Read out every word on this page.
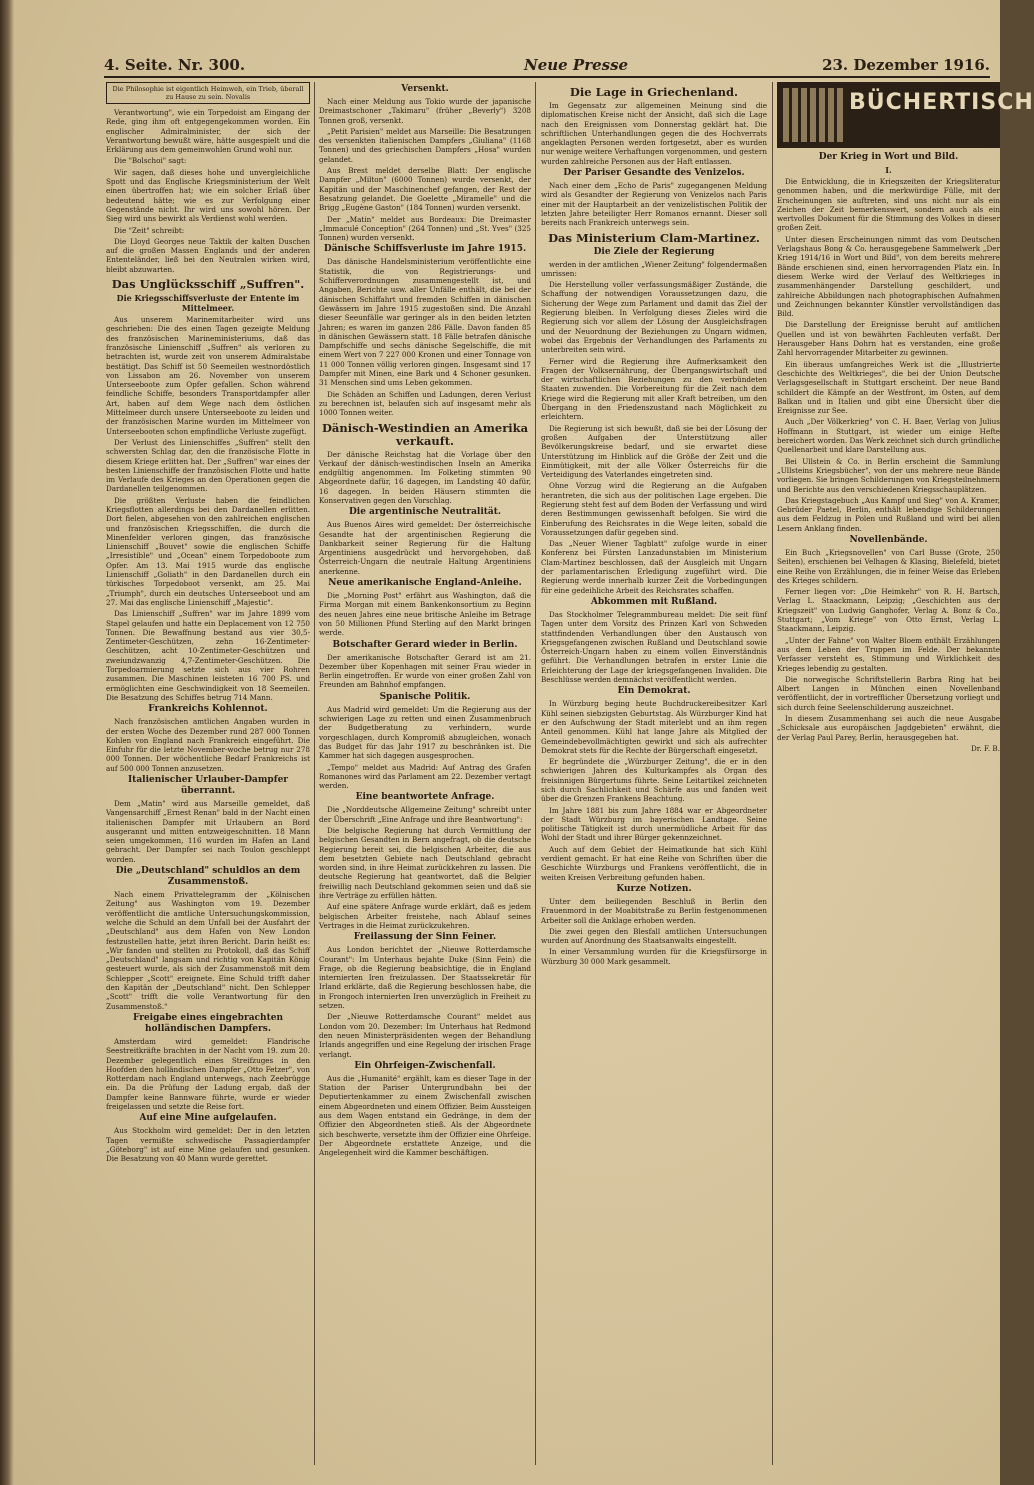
4. Seite. Nr. 300.	Neue Presse	23. Dezember 1916.
Die Philosophie ist eigentlich Heimweh, ein Trieb, überall zu Hause zu sein. Novalis

Verantwortung", wie ein Torpedoist am Eingang der Rede, ging ihm oft entgegengekommen worden. Ein englischer Admiralminister, der sich der Verantwortung bewußt wäre, hätte ausgespielt und die Erklärung aus dem gemeinwohlen Grund wohl nur.

Die "Bolschoi" sagt:

Wir sagen, daß dieses hohe und unvergleichliche Spott und das Englische Kriegsministerium der Welt einen übertroffen hat; wie ein solcher Erlaß über bedeutend hätte; wie es zur Verfolgung einer Gegenstände nicht. Ihr wird uns sowohl hören. Der Sieg wird uns bewirkt als Verdienst wohl werden.

Die "Zeit" schreibt:

Die Lloyd Georges neue Taktik der kalten Duschen auf die großen Massen Englands und der anderen Ententeländer, ließ bei den Neutralen wirken wird, bleibt abzuwarten.

Das Unglücksschiff „Suffren".
Die Kriegsschiffsverluste der Entente im Mittelmeer.

Aus unserem Marinemitarbeiter wird uns geschrieben: Die des einen Tagen gezeigte Meldung des französischen Marineministeriums, daß das französische Linienschiff „Suffren" als verloren zu betrachten ist, wurde zeit von unserem Admiralstabe bestätigt. Das Schiff ist 50 Seemeilen westnordöstlich von Lissabon am 26. November von unserem Unterseeboote zum Opfer gefallen. Schon während feindliche Schiffe, besonders Transportdampfer aller Art, haben auf dem Wege nach dem östlichen Mittelmeer durch unsere Unterseeboote zu leiden und der französischen Marine wurden im Mittelmeer von Unterseebooten schon empfindliche Verluste zugefügt.

Der Verlust des Linienschiffes „Suffren" stellt den schwersten Schlag dar, den die französische Flotte in diesem Kriege erlitten hat. Der „Suffren" war eines der besten Linienschiffe der französischen Flotte und hatte im Verlaufe des Krieges an den Operationen gegen die Dardanellen teilgenommen.

Die größten Verluste haben die feindlichen Kriegsflotten allerdings bei den Dardanellen erlitten. Dort fielen, abgesehen von den zahlreichen englischen und französischen Kriegsschiffen, die durch die Minenfelder verloren gingen, das französische Linienschiff „Bouvet" sowie die englischen Schiffe „Irresistible" und „Ocean" einem Torpedoboote zum Opfer. Am 13. Mai 1915 wurde das englische Linienschiff „Goliath" in den Dardanellen durch ein türkisches Torpedoboot versenkt, am 25. Mai „Triumph", durch ein deutsches Unterseeboot und am 27. Mai das englische Linienschiff „Majestic".

Das Linienschiff „Suffren" war im Jahre 1899 vom Stapel gelaufen und hatte ein Deplacement von 12 750 Tonnen. Die Bewaffnung bestand aus vier 30,5-Zentimeter-Geschützen, zehn 16-Zentimeter-Geschützen, acht 10-Zentimeter-Geschützen und zweiundzwanzig 4,7-Zentimeter-Geschützen. Die Torpedoarmierung setzte sich aus vier Rohren zusammen. Die Maschinen leisteten 16 700 PS. und ermöglichten eine Geschwindigkeit von 18 Seemeilen. Die Besatzung des Schiffes betrug 714 Mann.

Frankreichs Kohlennot.

Nach französischen amtlichen Angaben wurden in der ersten Woche des Dezember rund 287 000 Tonnen Kohlen von England nach Frankreich eingeführt. Die Einfuhr für die letzte November-woche betrug nur 278 000 Tonnen. Der wöchentliche Bedarf Frankreichs ist auf 500 000 Tonnen anzusetzen.

Italienischer Urlauber-Dampfer überrannt.

Dem „Matin" wird aus Marseille gemeldet, daß Vangensarchiff „Ernest Renan" bald in der Nacht einen italienischen Dampfer mit Urlaubern an Bord ausgerannt und mitten entzweigeschnitten. 18 Mann seien umgekommen, 116 wurden im Hafen an Land gebracht. Der Dampfer sei nach Toulon geschleppt worden.

Die „Deutschland" schuldlos an dem Zusammenstoß.

Nach einem Privattelegramm der „Kölnischen Zeitung" aus Washington vom 19. Dezember veröffentlicht die amtliche Untersuchungskommission, welche die Schuld an dem Unfall bei der Ausfahrt der „Deutschland" aus dem Hafen von New London festzustellen hatte, jetzt ihren Bericht. Darin heißt es: „Wir fanden und stellten zu Protokoll, daß das Schiff „Deutschland" langsam und richtig von Kapitän König gesteuert wurde, als sich der Zusammenstoß mit dem Schlepper „Scott" ereignete. Eine Schuld trifft daher den Kapitän der „Deutschland" nicht. Den Schlepper „Scott" trifft die volle Verantwortung für den Zusammenstoß."

Freigabe eines eingebrachten holländischen Dampfers.

Amsterdam wird gemeldet: Flandrische Seestreitkräfte brachten in der Nacht vom 19. zum 20. Dezember gelegentlich eines Streifzuges in den Hoofden den holländischen Dampfer „Otto Fetzer", von Rotterdam nach England unterwegs, nach Zeebrügge ein. Da die Prüfung der Ladung ergab, daß der Dampfer keine Bannware führte, wurde er wieder freigelassen und setzte die Reise fort.

Auf eine Mine aufgelaufen.

Aus Stockholm wird gemeldet: Der in den letzten Tagen vermißte schwedische Passagierdampfer „Göteborg" ist auf eine Mine gelaufen und gesunken. Die Besatzung von 40 Mann wurde gerettet.

Versenkt.

Nach einer Meldung aus Tokio wurde der japanische Dreimastschoner „Takimaru" (früher „Beverly") 3208 Tonnen groß, versenkt.

„Petit Parisien" meldet aus Marseille: Die Besatzungen des versenkten italienischen Dampfers „Giuliana" (1168 Tonnen) und des griechischen Dampfers „Hosa" wurden gelandet.

Aus Brest meldet derselbe Blatt: Der englische Dampfer „Milton" (6000 Tonnen) wurde versenkt, der Kapitän und der Maschinenchef gefangen, der Rest der Besatzung gelandet. Die Goelette „Miramelle" und die Brigg „Eugène Gaston" (184 Tonnen) wurden versenkt.

Der „Matin" meldet aus Bordeaux: Die Dreimaster „Immaculé Conception" (264 Tonnen) und „St. Yves" (325 Tonnen) wurden versenkt.

Dänische Schiffsverluste im Jahre 1915.

Das dänische Handelsministerium veröffentlichte eine Statistik, die von Registrierungs- und Schifferverordnungen zusammengestellt ist, und Angaben, Berichte usw. aller Unfälle enthält, die bei der dänischen Schiffahrt und fremden Schiffen in dänischen Gewässern im Jahre 1915 zugestoßen sind. Die Anzahl dieser Seeunfälle war geringer als in den beiden letzten Jahren; es waren im ganzen 286 Fälle. Davon fanden 85 in dänischen Gewässern statt. 18 Fälle betrafen dänische Dampfschiffe und sechs dänische Segelschiffe, die mit einem Wert von 7 227 000 Kronen und einer Tonnage von 11 000 Tonnen völlig verloren gingen. Insgesamt sind 17 Dampfer mit Minen, eine Bark und 4 Schoner gesunken. 31 Menschen sind ums Leben gekommen.

Die Schäden an Schiffen und Ladungen, deren Verlust zu berechnen ist, belaufen sich auf insgesamt mehr als 1000 Tonnen weiter.

Dänisch-Westindien an Amerika verkauft.

Der dänische Reichstag hat die Vorlage über den Verkauf der dänisch-westindischen Inseln an Amerika endgültig angenommen. Im Folketing stimmten 90 Abgeordnete dafür, 16 dagegen, im Landsting 40 dafür, 16 dagegen. In beiden Häusern stimmten die Konservativen gegen den Vorschlag.

Die argentinische Neutralität.

Aus Buenos Aires wird gemeldet: Der österreichische Gesandte hat der argentinischen Regierung die Dankbarkeit seiner Regierung für die Haltung Argentiniens ausgedrückt und hervorgehoben, daß Österreich-Ungarn die neutrale Haltung Argentiniens anerkenne.

Neue amerikanische England-Anleihe.

Die „Morning Post" erfährt aus Washington, daß die Firma Morgan mit einem Bankenkonsortium zu Beginn des neuen Jahres eine neue britische Anleihe im Betrage von 50 Millionen Pfund Sterling auf den Markt bringen werde.

Botschafter Gerard wieder in Berlin.

Der amerikanische Botschafter Gerard ist am 21. Dezember über Kopenhagen mit seiner Frau wieder in Berlin eingetroffen. Er wurde von einer großen Zahl von Freunden am Bahnhof empfangen.

Spanische Politik.

Aus Madrid wird gemeldet: Um die Regierung aus der schwierigen Lage zu retten und einen Zusammenbruch der Budgetberatung zu verhindern, wurde vorgeschlagen, durch Kompromiß abzugleichen, wonach das Budget für das Jahr 1917 zu beschränken ist. Die Kammer hat sich dagegen ausgesprochen.

„Tempo" meldet aus Madrid: Auf Antrag des Grafen Romanones wird das Parlament am 22. Dezember vertagt werden.

Eine beantwortete Anfrage.

Die „Norddeutsche Allgemeine Zeitung" schreibt unter der Überschrift „Eine Anfrage und ihre Beantwortung":

Die belgische Regierung hat durch Vermittlung der belgischen Gesandten in Bern angefragt, ob die deutsche Regierung bereit sei, die belgischen Arbeiter, die aus dem besetzten Gebiete nach Deutschland gebracht worden sind, in ihre Heimat zurückkehren zu lassen. Die deutsche Regierung hat geantwortet, daß die Belgier freiwillig nach Deutschland gekommen seien und daß sie ihre Verträge zu erfüllen hätten.

Auf eine spätere Anfrage wurde erklärt, daß es jedem belgischen Arbeiter freistehe, nach Ablauf seines Vertrages in die Heimat zurückzukehren.

Freilassung der Sinn Feiner.

Aus London berichtet der „Nieuwe Rotterdamsche Courant": Im Unterhaus bejahte Duke (Sinn Fein) die Frage, ob die Regierung beabsichtige, die in England internierten Iren freizulassen. Der Staatssekretär für Irland erklärte, daß die Regierung beschlossen habe, die in Frongoch internierten Iren unverzüglich in Freiheit zu setzen.

Der „Nieuwe Rotterdamsche Courant" meldet aus London vom 20. Dezember: Im Unterhaus hat Redmond den neuen Ministerpräsidenten wegen der Behandlung Irlands angegriffen und eine Regelung der irischen Frage verlangt.

Ein Ohrfeigen-Zwischenfall.

Aus die „Humanité" ergählt, kam es dieser Tage in der Station der Pariser Untergrundbahn bei der Deputiertenkammer zu einem Zwischenfall zwischen einem Abgeordneten und einem Offizier. Beim Aussteigen aus dem Wagen entstand ein Gedränge, in dem der Offizier den Abgeordneten stieß. Als der Abgeordnete sich beschwerte, versetzte ihm der Offizier eine Ohrfeige. Der Abgeordnete erstattete Anzeige, und die Angelegenheit wird die Kammer beschäftigen.

Die Lage in Griechenland.

Im Gegensatz zur allgemeinen Meinung sind die diplomatischen Kreise nicht der Ansicht, daß sich die Lage nach den Ereignissen vom Donnerstag geklärt hat. Die schriftlichen Unterhandlungen gegen die des Hochverrats angeklagten Personen werden fortgesetzt, aber es wurden nur wenige weitere Verhaftungen vorgenommen, und gestern wurden zahlreiche Personen aus der Haft entlassen.

Der Pariser Gesandte des Venizelos.

Nach einer dem „Echo de Paris" zugegangenen Meldung wird als Gesandter der Regierung von Venizelos nach Paris einer mit der Hauptarbeit an der venizelistischen Politik der letzten Jahre beteiligter Herr Romanos ernannt. Dieser soll bereits nach Frankreich unterwegs sein.

Das Ministerium Clam-Martinez.
Die Ziele der Regierung

werden in der amtlichen „Wiener Zeitung" folgendermaßen umrissen:

Die Herstellung voller verfassungsmäßiger Zustände, die Schaffung der notwendigen Voraussetzungen dazu, die Sicherung der Wege zum Parlament und damit das Ziel der Regierung bleiben. In Verfolgung dieses Zieles wird die Regierung sich vor allem der Lösung der Ausgleichsfragen und der Neuordnung der Beziehungen zu Ungarn widmen, wobei das Ergebnis der Verhandlungen des Parlaments zu unterbreiten sein wird.

Ferner wird die Regierung ihre Aufmerksamkeit den Fragen der Volksernährung, der Übergangswirtschaft und der wirtschaftlichen Beziehungen zu den verbündeten Staaten zuwenden. Die Vorbereitung für die Zeit nach dem Kriege wird die Regierung mit aller Kraft betreiben, um den Übergang in den Friedenszustand nach Möglichkeit zu erleichtern.

Die Regierung ist sich bewußt, daß sie bei der Lösung der großen Aufgaben der Unterstützung aller Bevölkerungskreise bedarf, und sie erwartet diese Unterstützung im Hinblick auf die Größe der Zeit und die Einmütigkeit, mit der alle Völker Österreichs für die Verteidigung des Vaterlandes eingetreten sind.

Ohne Vorzug wird die Regierung an die Aufgaben herantreten, die sich aus der politischen Lage ergeben. Die Regierung steht fest auf dem Boden der Verfassung und wird deren Bestimmungen gewissenhaft befolgen. Sie wird die Einberufung des Reichsrates in die Wege leiten, sobald die Voraussetzungen dafür gegeben sind.

Das „Neuer Wiener Tagblatt" zufolge wurde in einer Konferenz bei Fürsten Lanzadunstabien im Ministerium Clam-Martinez beschlossen, daß der Ausgleich mit Ungarn der parlamentarischen Erledigung zugeführt wird. Die Regierung werde innerhalb kurzer Zeit die Vorbedingungen für eine gedeihliche Arbeit des Reichsrates schaffen.

Abkommen mit Rußland.

Das Stockholmer Telegrammbureau meldet: Die seit fünf Tagen unter dem Vorsitz des Prinzen Karl von Schweden stattfindenden Verhandlungen über den Austausch von Kriegsgefangenen zwischen Rußland und Deutschland sowie Österreich-Ungarn haben zu einem vollen Einverständnis geführt. Die Verhandlungen betrafen in erster Linie die Erleichterung der Lage der kriegsgefangenen Invaliden. Die Beschlüsse werden demnächst veröffentlicht werden.

Ein Demokrat.

In Würzburg beging heute Buchdruckereibesitzer Karl Kühl seinen siebzigsten Geburtstag. Als Würzburger Kind hat er den Aufschwung der Stadt miterlebt und an ihm regen Anteil genommen. Kühl hat lange Jahre als Mitglied der Gemeindebevollmächtigten gewirkt und sich als aufrechter Demokrat stets für die Rechte der Bürgerschaft eingesetzt.

Er begründete die „Würzburger Zeitung", die er in den schwierigen Jahren des Kulturkampfes als Organ des freisinnigen Bürgertums führte. Seine Leitartikel zeichneten sich durch Sachlichkeit und Schärfe aus und fanden weit über die Grenzen Frankens Beachtung.

Im Jahre 1881 bis zum Jahre 1884 war er Abgeordneter der Stadt Würzburg im bayerischen Landtage. Seine politische Tätigkeit ist durch unermüdliche Arbeit für das Wohl der Stadt und ihrer Bürger gekennzeichnet.

Auch auf dem Gebiet der Heimatkunde hat sich Kühl verdient gemacht. Er hat eine Reihe von Schriften über die Geschichte Würzburgs und Frankens veröffentlicht, die in weiten Kreisen Verbreitung gefunden haben.

Kurze Notizen.

Unter dem beiliegenden Beschluß in Berlin den Frauenmord in der Moabitstraße zu Berlin festgenommenen Arbeiter soll die Anklage erhoben werden.

Die zwei gegen den Blesfall amtlichen Untersuchungen wurden auf Anordnung des Staatsanwalts eingestellt.

In einer Versammlung wurden für die Kriegsfürsorge in Würzburg 30 000 Mark gesammelt.

BÜCHERTISCH
Der Krieg in Wort und Bild.
I.

Die Entwicklung, die in Kriegszeiten der Kriegsliteratur genommen haben, und die merkwürdige Fülle, mit der Erscheinungen sie auftreten, sind uns nicht nur als ein Zeichen der Zeit bemerkenswert, sondern auch als ein wertvolles Dokument für die Stimmung des Volkes in dieser großen Zeit.

Unter diesen Erscheinungen nimmt das vom Deutschen Verlagshaus Bong & Co. herausgegebene Sammelwerk „Der Krieg 1914/16 in Wort und Bild", von dem bereits mehrere Bände erschienen sind, einen hervorragenden Platz ein. In diesem Werke wird der Verlauf des Weltkrieges in zusammenhängender Darstellung geschildert, und zahlreiche Abbildungen nach photographischen Aufnahmen und Zeichnungen bekannter Künstler vervollständigen das Bild.

Die Darstellung der Ereignisse beruht auf amtlichen Quellen und ist von bewährten Fachleuten verfaßt. Der Herausgeber Hans Dohrn hat es verstanden, eine große Zahl hervorragender Mitarbeiter zu gewinnen.

Ein überaus umfangreiches Werk ist die „Illustrierte Geschichte des Weltkrieges", die bei der Union Deutsche Verlagsgesellschaft in Stuttgart erscheint. Der neue Band schildert die Kämpfe an der Westfront, im Osten, auf dem Balkan und in Italien und gibt eine Übersicht über die Ereignisse zur See.

Auch „Der Völkerkrieg" von C. H. Baer, Verlag von Julius Hoffmann in Stuttgart, ist wieder um einige Hefte bereichert worden. Das Werk zeichnet sich durch gründliche Quellenarbeit und klare Darstellung aus.

Bei Ullstein & Co. in Berlin erscheint die Sammlung „Ullsteins Kriegsbücher", von der uns mehrere neue Bände vorliegen. Sie bringen Schilderungen von Kriegsteilnehmern und Berichte aus den verschiedenen Kriegsschauplätzen.

Das Kriegstagebuch „Aus Kampf und Sieg" von A. Kramer, Gebrüder Paetel, Berlin, enthält lebendige Schilderungen aus dem Feldzug in Polen und Rußland und wird bei allen Lesern Anklang finden.

Novellenbände.

Ein Buch „Kriegsnovellen" von Carl Busse (Grote, 250 Seiten), erschienen bei Velhagen & Klasing, Bielefeld, bietet eine Reihe von Erzählungen, die in feiner Weise das Erleben des Krieges schildern.

Ferner liegen vor: „Die Heimkehr" von R. H. Bartsch, Verlag L. Staackmann, Leipzig; „Geschichten aus der Kriegszeit" von Ludwig Ganghofer, Verlag A. Bonz & Co., Stuttgart; „Vom Kriege" von Otto Ernst, Verlag L. Staackmann, Leipzig.

„Unter der Fahne" von Walter Bloem enthält Erzählungen aus dem Leben der Truppen im Felde. Der bekannte Verfasser versteht es, Stimmung und Wirklichkeit des Krieges lebendig zu gestalten.

Die norwegische Schriftstellerin Barbra Ring hat bei Albert Langen in München einen Novellenband veröffentlicht, der in vortrefflicher Übersetzung vorliegt und sich durch feine Seelenschilderung auszeichnet.

In diesem Zusammenhang sei auch die neue Ausgabe „Schicksale aus europäischen Jagdgebieten" erwähnt, die der Verlag Paul Parey, Berlin, herausgegeben hat.

Dr. F. B.
